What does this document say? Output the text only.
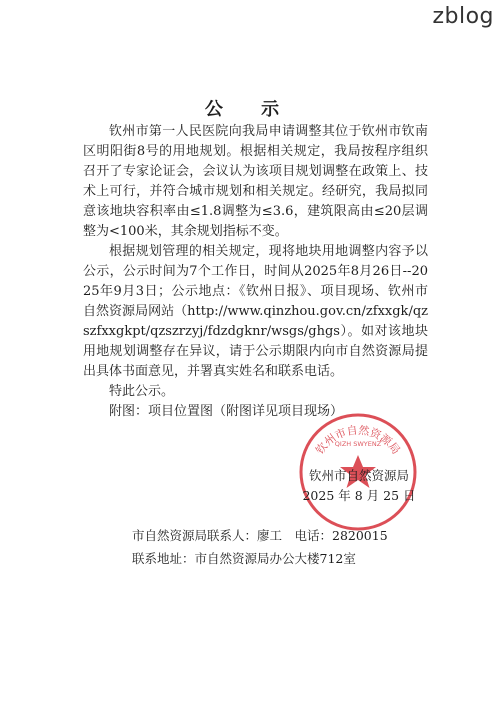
zblog
公 示

钦州市第一人民医院向我局申请调整其位于钦州市钦南区明阳街8号的用地规划。根据相关规定，我局按程序组织召开了专家论证会，会议认为该项目规划调整在政策上、技术上可行，并符合城市规划和相关规定。经研究，我局拟同意该地块容积率由≤1.8调整为≤3.6，建筑限高由≤20层调整为<100米，其余规划指标不变。

根据规划管理的相关规定，现将地块用地调整内容予以公示，公示时间为7个工作日，时间从2025年8月26日--2025年9月3日；公示地点：《钦州日报》、项目现场、钦州市自然资源局网站（http://www.qinzhou.gov.cn/zfxxgk/qzszfxxgkpt/qzszrzyj/fdzdgknr/wsgs/ghgs）。如对该地块用地规划调整存在异议，请于公示期限内向市自然资源局提出具体书面意见，并署真实姓名和联系电话。

特此公示。

附图：项目位置图（附图详见项目现场）

钦州市自然资源局
QIZH SWYENZ
钦州市自然资源局
2025 年 8 月 25 日
市自然资源局联系人：廖工　电话：2820015
联系地址：市自然资源局办公大楼712室
